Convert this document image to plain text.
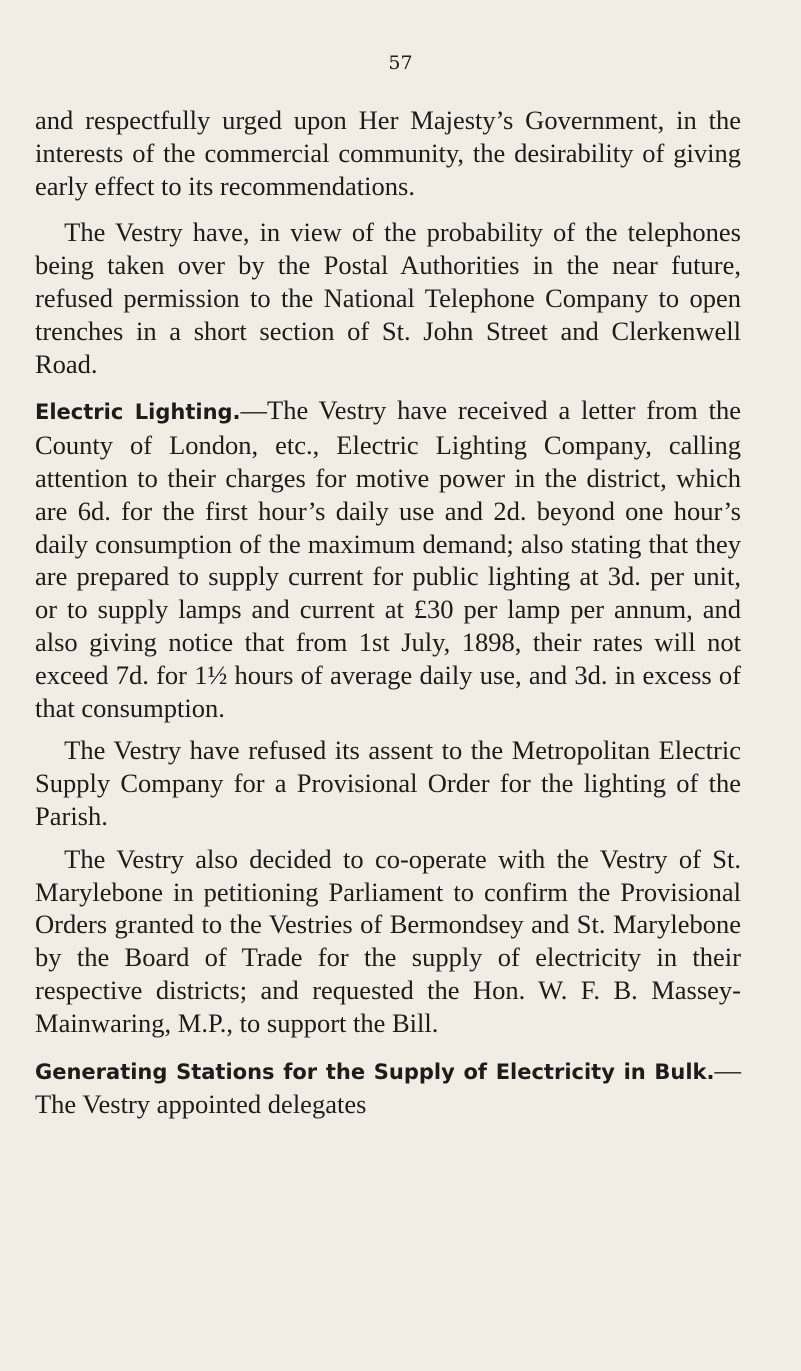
57

and respectfully urged upon Her Majesty’s Government, in the interests of the commercial community, the desirability of giving early effect to its recommendations.

The Vestry have, in view of the probability of the telephones being taken over by the Postal Authorities in the near future, refused permission to the National Telephone Company to open trenches in a short section of St. John Street and Clerkenwell Road.

Electric Lighting.—The Vestry have received a letter from the County of London, etc., Electric Lighting Company, calling attention to their charges for motive power in the district, which are 6d. for the first hour’s daily use and 2d. beyond one hour’s daily consumption of the maximum demand; also stating that they are prepared to supply current for public lighting at 3d. per unit, or to supply lamps and current at £30 per lamp per annum, and also giving notice that from 1st July, 1898, their rates will not exceed 7d. for 1½ hours of average daily use, and 3d. in excess of that consumption.

The Vestry have refused its assent to the Metropolitan Electric Supply Company for a Provisional Order for the lighting of the Parish.

The Vestry also decided to co-operate with the Vestry of St. Marylebone in petitioning Parliament to confirm the Provisional Orders granted to the Vestries of Bermondsey and St. Marylebone by the Board of Trade for the supply of electricity in their respective districts; and requested the Hon. W. F. B. Massey-Mainwaring, M.P., to support the Bill.

Generating Stations for the Supply of Electricity in Bulk.—The Vestry appointed delegates
